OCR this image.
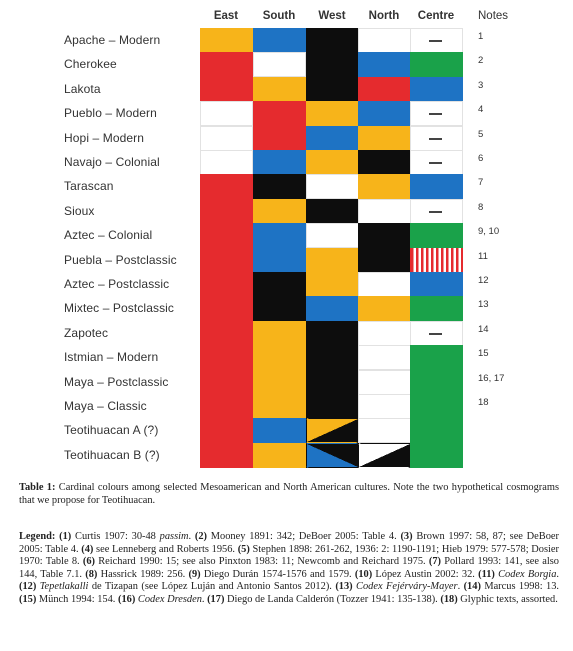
East	South	West	North	Centre	Notes
Apache – Modern	1
Cherokee	2
Lakota	3
Pueblo – Modern	4
Hopi – Modern	5
Navajo – Colonial	6
Tarascan	7
Sioux	8
Aztec – Colonial	9, 10
Puebla – Postclassic	11
Aztec – Postclassic	12
Mixtec – Postclassic	13
Zapotec	14
Istmian – Modern	15
Maya – Postclassic	16, 17
Maya – Classic	18
Teotihuacan A (?)
Teotihuacan B (?)

Table 1: Cardinal colours among selected Mesoamerican and North American cultures. Note the two hypothetical cosmograms that we propose for Teotihuacan.

Legend: (1) Curtis 1907: 30-48 passim. (2) Mooney 1891: 342; DeBoer 2005: Table 4. (3) Brown 1997: 58, 87; see DeBoer 2005: Table 4. (4) see Lenneberg and Roberts 1956. (5) Stephen 1898: 261-262, 1936: 2: 1190-1191; Hieb 1979: 577-578; Dosier 1970: Table 8. (6) Reichard 1990: 15; see also Pinxton 1983: 11; Newcomb and Reichard 1975. (7) Pollard 1993: 141, see also 144, Table 7.1. (8) Hassrick 1989: 256. (9) Diego Durán 1574-1576 and 1579. (10) López Austin 2002: 32. (11) Codex Borgia. (12) Tepetlakalli de Tizapan (see López Luján and Antonio Santos 2012). (13) Codex Fejérváry-Mayer. (14) Marcus 1998: 13. (15) Münch 1994: 154. (16) Codex Dresden. (17) Diego de Landa Calderón (Tozzer 1941: 135-138). (18) Glyphic texts, assorted.
